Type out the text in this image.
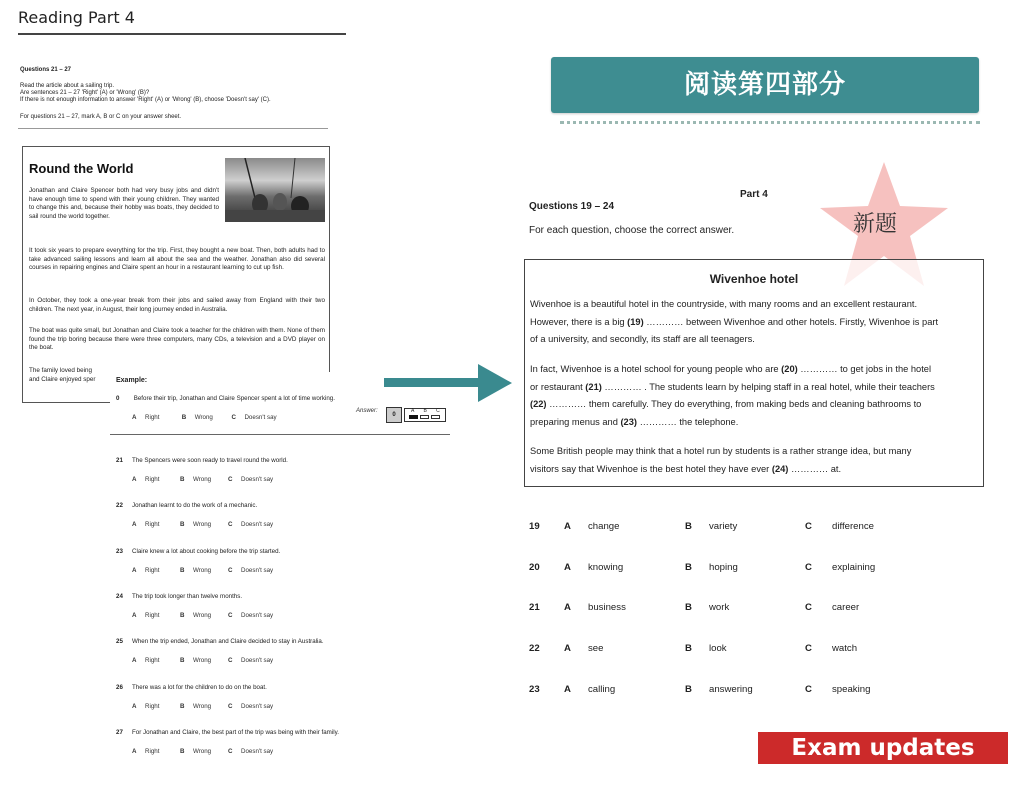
Reading Part 4
Questions 21 – 27
Read the article about a sailing trip.
Are sentences 21 – 27 'Right' (A) or 'Wrong' (B)?
If there is not enough information to answer 'Right' (A) or 'Wrong' (B), choose 'Doesn't say' (C).
For questions 21 – 27, mark A, B or C on your answer sheet.
Round the World
Jonathan and Claire Spencer both had very busy jobs and didn't have enough time to spend with their young children. They wanted to change this and, because their hobby was boats, they decided to sail round the world together.
It took six years to prepare everything for the trip. First, they bought a new boat. Then, both adults had to take advanced sailing lessons and learn all about the sea and the weather. Jonathan also did several courses in repairing engines and Claire spent an hour in a restaurant learning to cut up fish.
In October, they took a one-year break from their jobs and sailed away from England with their two children. The next year, in August, their long journey ended in Australia.
The boat was quite small, but Jonathan and Claire took a teacher for the children with them. None of them found the trip boring because there were three computers, many CDs, a television and a DVD player on the boat.
The family loved being
and Claire enjoyed sper	Example:
0 Before their trip, Jonathan and Claire Spencer spent a lot of time working.
A Right	B Wrong	C Doesn't say
Answer:
0
A B C
21 The Spencers were soon ready to travel round the world.
A Right	B Wrong	C Doesn't say
22 Jonathan learnt to do the work of a mechanic.
A Right	B Wrong	C Doesn't say
23 Claire knew a lot about cooking before the trip started.
A Right	B Wrong	C Doesn't say
24 The trip took longer than twelve months.
A Right	B Wrong	C Doesn't say
25 When the trip ended, Jonathan and Claire decided to stay in Australia.
A Right	B Wrong	C Doesn't say
26 There was a lot for the children to do on the boat.
A Right	B Wrong	C Doesn't say
27 For Jonathan and Claire, the best part of the trip was being with their family.
A Right	B Wrong	C Doesn't say
阅读第四部分
新题
Part 4
Questions 19 – 24
For each question, choose the correct answer.
Wivenhoe hotel
Wivenhoe is a beautiful hotel in the countryside, with many rooms and an excellent restaurant.
However, there is a big (19) ………… between Wivenhoe and other hotels. Firstly, Wivenhoe is part
of a university, and secondly, its staff are all teenagers.
In fact, Wivenhoe is a hotel school for young people who are (20) ………… to get jobs in the hotel
or restaurant (21) ………… . The students learn by helping staff in a real hotel, while their teachers
(22) ………… them carefully. They do everything, from making beds and cleaning bathrooms to
preparing menus and (23) ………… the telephone.
Some British people may think that a hotel run by students is a rather strange idea, but many
visitors say that Wivenhoe is the best hotel they have ever (24) ………… at.
19	A change	B variety	C difference
20	A knowing	B hoping	C explaining
21	A business	B work	C career
22	A see	B look	C watch
23	A calling	B answering	C speaking
Exam updates 2020
